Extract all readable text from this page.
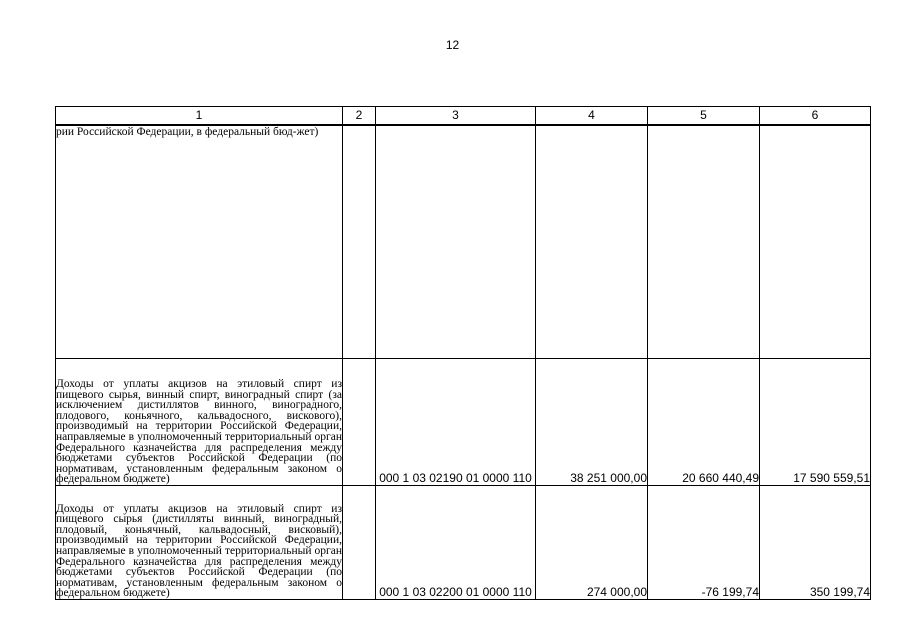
12
1	2	3	4	5	6
рии Российской Федерации, в федеральный бюд-жет)					
Доходы от уплаты акцизов на этиловый спирт из пищевого сырья, винный спирт, виноградный спирт (за исключением дистиллятов винного, виноградного, плодового, коньячного, кальвадосного, вискового), производимый на территории Российской Федерации, направляемые в уполномоченный территориальный орган Федерального казначейства для распределения между бюджетами субъектов Российской Федерации (по нормативам, установленным федеральным законом о федеральном бюджете)		000 1 03 02190 01 0000 110	38 251 000,00	20 660 440,49	17 590 559,51
Доходы от уплаты акцизов на этиловый спирт из пищевого сырья (дистилляты винный, виноградный, плодовый, коньячный, кальвадосный, висковый), производимый на территории Российской Федерации, направляемые в уполномоченный территориальный орган Федерального казначейства для распределения между бюджетами субъектов Российской Федерации (по нормативам, установленным федеральным законом о федеральном бюджете)		000 1 03 02200 01 0000 110	274 000,00	-76 199,74	350 199,74
